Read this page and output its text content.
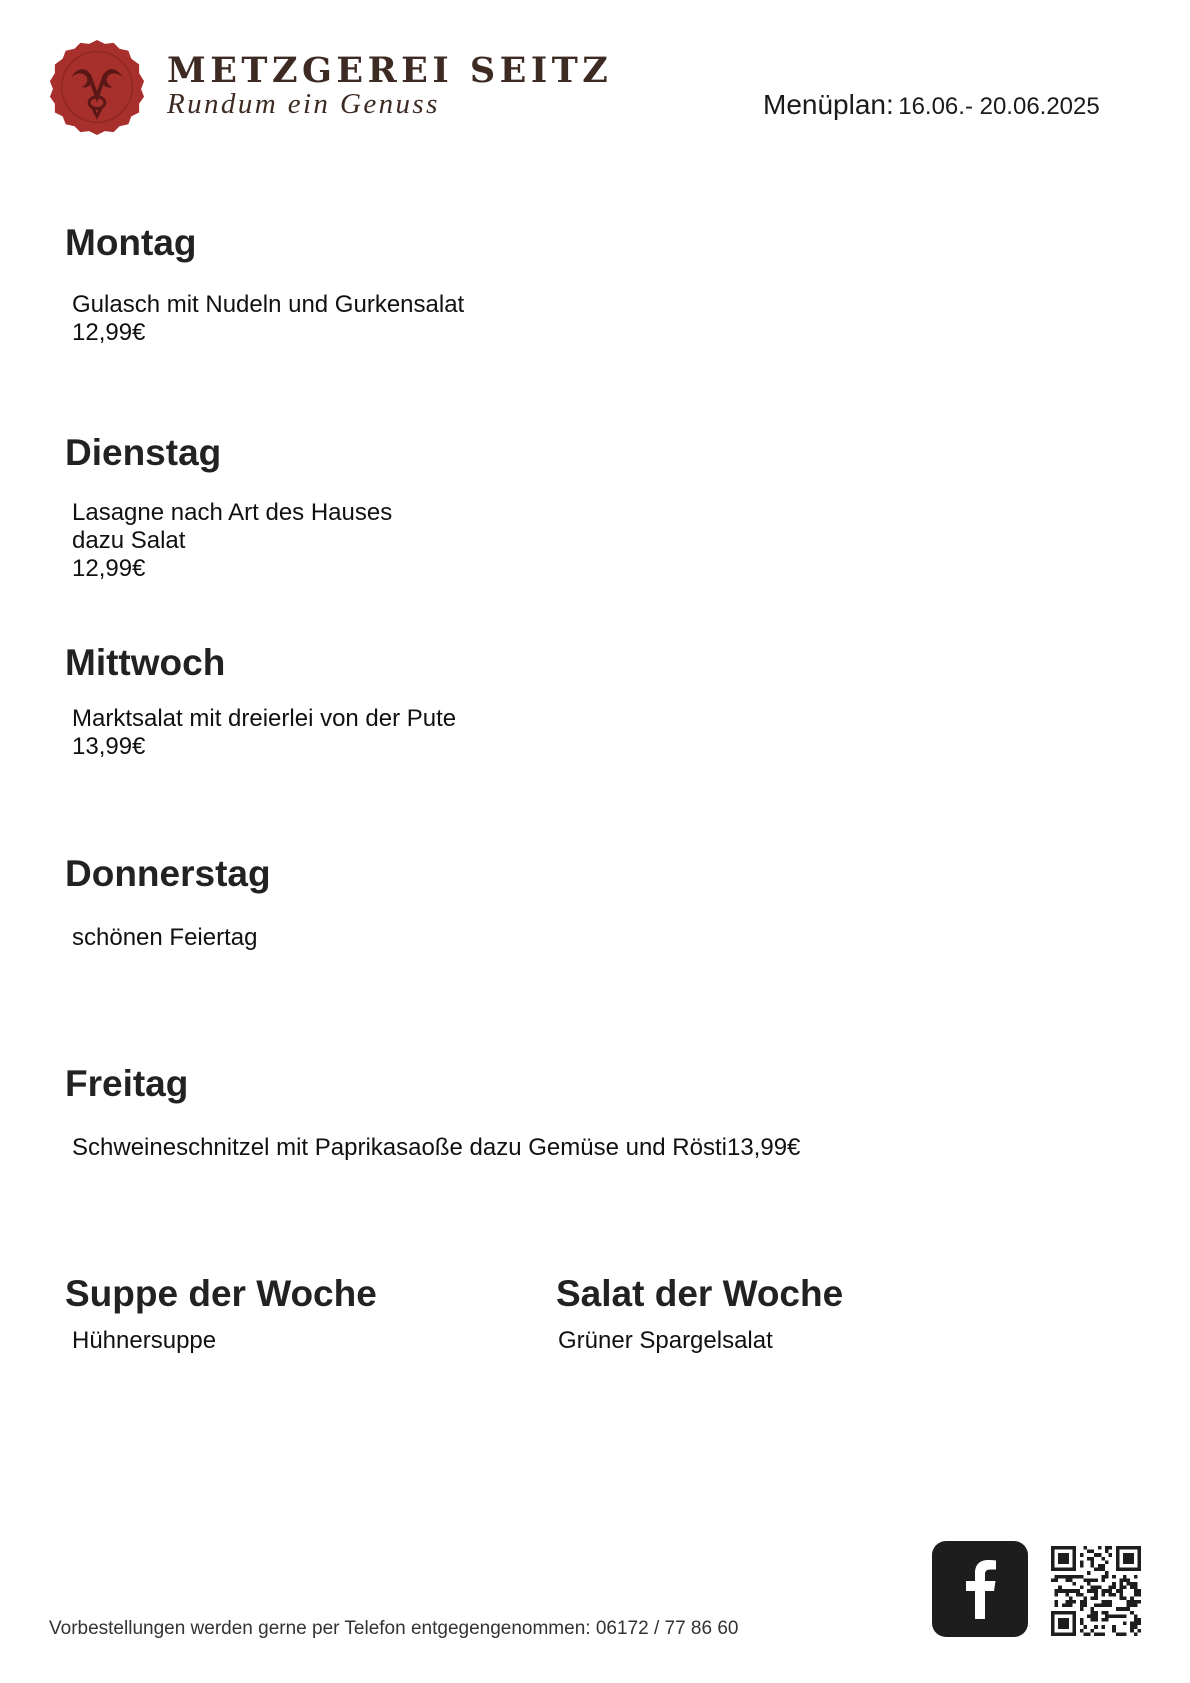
METZGEREI SEITZ
Rundum ein Genuss	Menüplan: 16.06.- 20.06.2025
Montag
Gulasch mit Nudeln und Gurkensalat
12,99€
Dienstag
Lasagne nach Art des Hauses
dazu Salat
12,99€
Mittwoch
Marktsalat mit dreierlei von der Pute
13,99€
Donnerstag
schönen Feiertag
Freitag
Schweineschnitzel mit Paprikasaoße dazu Gemüse und Rösti13,99€
Suppe der Woche
Hühnersuppe
Salat der Woche
Grüner Spargelsalat
Vorbestellungen werden gerne per Telefon entgegengenommen: 06172 / 77 86 60
